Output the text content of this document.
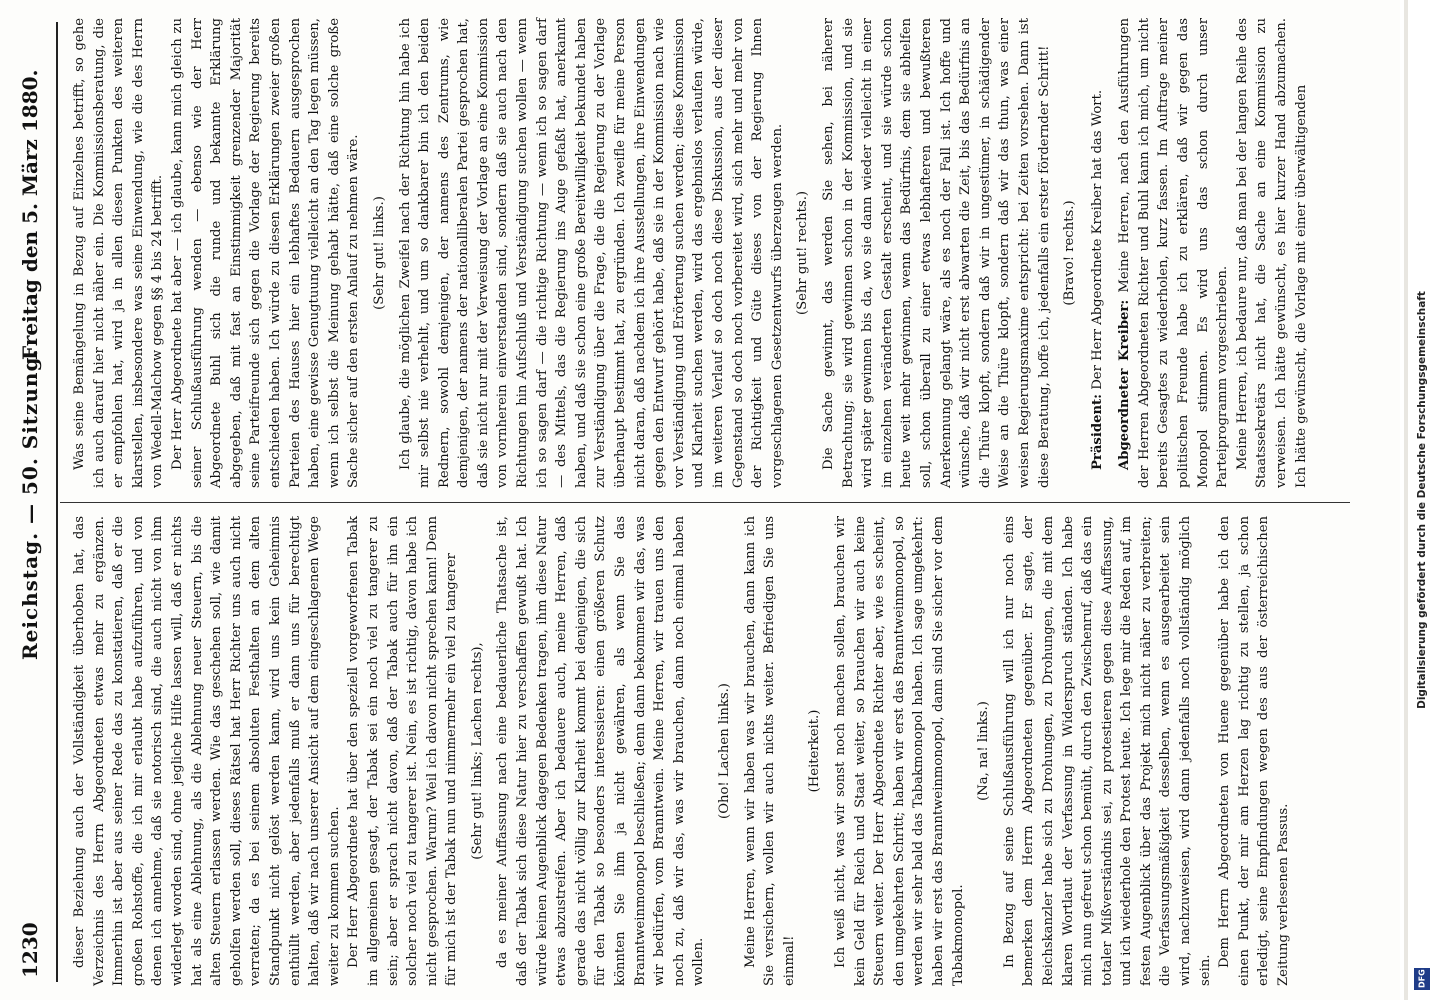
1230
Reichstag. — 50. Sitzung.
Freitag den 5. März 1880.

dieser Beziehung auch der Vollständigkeit überhoben hat, das Verzeichnis des Herrn Abgeordneten etwas mehr zu ergänzen. Immerhin ist aber aus seiner Rede das zu konstatieren, daß er die großen Rohstoffe, die ich mir erlaubt habe aufzuführen, und von denen ich annehme, daß sie notorisch sind, die auch nicht von ihm widerlegt worden sind, ohne jegliche Hilfe lassen will, daß er nichts hat als eine Ablehnung, als die Ablehnung neuer Steuern, bis die alten Steuern erlassen werden. Wie das geschehen soll, wie damit geholfen werden soll, dieses Rätsel hat Herr Richter uns auch nicht verraten; da es bei seinem absoluten Festhalten an dem alten Standpunkt nicht gelöst werden kann, wird uns kein Geheimnis enthüllt werden, aber jedenfalls muß er dann uns für berechtigt halten, daß wir nach unserer Ansicht auf dem eingeschlagenen Wege weiter zu kommen suchen. Der Herr Abgeordnete hat über den speziell vorgeworfenen Tabak im allgemeinen gesagt, der Tabak sei ein noch viel zu tangerer zu sein; aber er sprach nicht davon, daß der Tabak auch für ihn ein solcher noch viel zu tangerer ist. Nein, es ist richtig, davon habe ich nicht gesprochen. Warum? Weil ich davon nicht sprechen kann! Denn für mich ist der Tabak nun und nimmermehr ein viel zu tangerer (Sehr gut! links; Lachen rechts), da es meiner Auffassung nach eine bedauerliche Thatsache ist, daß der Tabak sich diese Natur hier zu verschaffen gewußt hat. Ich würde keinen Augenblick dagegen Bedenken tragen, ihm diese Natur etwas abzustreifen. Aber ich bedauere auch, meine Herren, daß gerade das nicht völlig zur Klarheit kommt bei denjenigen, die sich für den Tabak so besonders interessieren: einen größeren Schutz könnten Sie ihm ja nicht gewähren, als wenn Sie das Branntweinmonopol beschließen; denn dann bekommen wir das, was wir bedürfen, vom Branntwein. Meine Herren, wir trauen uns den noch zu, daß wir das, was wir brauchen, dann noch einmal haben wollen.

(Oho! Lachen links.) Meine Herren, wenn wir haben was wir brauchen, dann kann ich Sie versichern, wollen wir auch nichts weiter. Befriedigen Sie uns einmal!

(Heiterkeit.) Ich weiß nicht, was wir sonst noch machen sollen, brauchen wir kein Geld für Reich und Staat weiter, so brauchen wir auch keine Steuern weiter. Der Herr Abgeordnete Richter aber, wie es scheint, den umgekehrten Schritt; haben wir erst das Branntweinmonopol, so werden wir sehr bald das Tabakmonopol haben. Ich sage umgekehrt: haben wir erst das Branntweinmonopol, dann sind Sie sicher vor dem Tabakmonopol.

(Na, na! links.) In Bezug auf seine Schlußausführung will ich nur noch eins bemerken dem Herrn Abgeordneten gegenüber. Er sagte, der Reichskanzler habe sich zu Drohungen, zu Drohungen, die mit dem klaren Wortlaut der Verfassung in Widerspruch ständen. Ich habe mich nun gefreut schon bemüht, durch den Zwischenruf, daß das ein totaler Mißverständnis sei, zu protestieren gegen diese Auffassung, und ich wiederhole den Protest heute. Ich lege mir die Reden auf, im festen Augenblick über das Projekt mich nicht näher zu verbreiten; die Verfassungsmäßigkeit desselben, wenn es ausgearbeitet sein wird, nachzuweisen, wird dann jedenfalls noch vollständig möglich sein.

Dem Herrn Abgeordneten von Huene gegenüber habe ich den einen Punkt, der mir am Herzen lag richtig zu stellen, ja schon erledigt, seine Empfindungen wegen des aus der österreichischen Zeitung verlesenen Passus.

Was seine Bemängelung in Bezug auf Einzelnes betrifft, so gehe ich auch darauf hier nicht näher ein. Die Kommissionsberatung, die er empfohlen hat, wird ja in allen diesen Punkten des weiteren klarstellen, insbesondere was seine Einwendung, wie die des Herrn von Wedell-Malchow gegen §§ 4 bis 24 betrifft. Der Herr Abgeordnete hat aber — ich glaube, kann mich gleich zu seiner Schlußausführung wenden — ebenso wie der Herr Abgeordnete Buhl sich die runde und bekannte Erklärung abgegeben, daß mit fast an Einstimmigkeit grenzender Majorität seine Parteifreunde sich gegen die Vorlage der Regierung bereits entschieden haben. Ich würde zu diesen Erklärungen zweier großen Parteien des Hauses hier ein lebhaftes Bedauern ausgesprochen haben, eine gewisse Genugtuung vielleicht an den Tag legen müssen, wenn ich selbst die Meinung gehabt hätte, daß eine solche große Sache sicher auf den ersten Anlauf zu nehmen wäre. (Sehr gut! links.) Ich glaube, die möglichen Zweifel nach der Richtung hin habe ich mir selbst nie verhehlt, und um so dankbarer bin ich den beiden Rednern, sowohl demjenigen, der namens des Zentrums, wie demjenigen, der namens der nationalliberalen Partei gesprochen hat, daß sie nicht nur mit der Verweisung der Vorlage an eine Kommission von vornherein einverstanden sind, sondern daß sie auch nach den Richtungen hin Aufschluß und Verständigung suchen wollen — wenn ich so sagen darf — die richtige Richtung — wenn ich so sagen darf — des Mittels, das die Regierung ins Auge gefaßt hat, anerkannt haben, und daß sie schon eine große Bereitwilligkeit bekundet haben zur Verständigung über die Frage, die die Regierung zu der Vorlage überhaupt bestimmt hat, zu ergründen. Ich zweifle für meine Person nicht daran, daß nachdem ich ihre Ausstellungen, ihre Einwendungen gegen den Entwurf gehört habe, daß sie in der Kommission nach wie vor Verständigung und Erörterung suchen werden; diese Kommission und Klarheit suchen werden, wird das ergebnislos verlaufen würde, im weiteren Verlauf so doch noch diese Diskussion, aus der dieser Gegenstand so doch noch vorbereitet wird, sich mehr und mehr von der Richtigkeit und Güte dieses von der Regierung Ihnen vorgeschlagenen Gesetzentwurfs überzeugen werden. (Sehr gut! rechts.) Die Sache gewinnt, das werden Sie sehen, bei näherer Betrachtung; sie wird gewinnen schon in der Kommission, und sie wird später gewinnen bis da, wo sie dann wieder vielleicht in einer im einzelnen veränderten Gestalt erscheint, und sie würde schon heute weit mehr gewinnen, wenn das Bedürfnis, dem sie abhelfen soll, schon überall zu einer etwas lebhafteren und bewußteren Anerkennung gelangt wäre, als es noch der Fall ist. Ich hoffe und wünsche, daß wir nicht erst abwarten die Zeit, bis das Bedürfnis an die Thüre klopft, sondern daß wir in ungestümer, in schädigender Weise an die Thüre klopft, sondern daß wir das thun, was einer weisen Regierungsmaxime entspricht: bei Zeiten vorsehen. Dann ist diese Beratung, hoffe ich, jedenfalls ein erster fördernder Schritt! (Bravo! rechts.)

Präsident: Der Herr Abgeordnete Kreiber hat das Wort. Abgeordneter Kreiber: Meine Herren, nach den Ausführungen der Herren Abgeordneten Richter und Buhl kann ich mich, um nicht bereits Gesagtes zu wiederholen, kurz fassen. Im Auftrage meiner politischen Freunde habe ich zu erklären, daß wir gegen das Monopol stimmen. Es wird uns das schon durch unser Parteiprogramm vorgeschrieben. Meine Herren, ich bedaure nur, daß man bei der langen Reihe des Staatssekretärs nicht hat, die Sache an eine Kommission zu verweisen. Ich hätte gewünscht, es hier kurzer Hand abzumachen. Ich hätte gewünscht, die Vorlage mit einer überwältigenden

Digitalisierung gefördert durch die Deutsche Forschungsgemeinschaft
DFG
